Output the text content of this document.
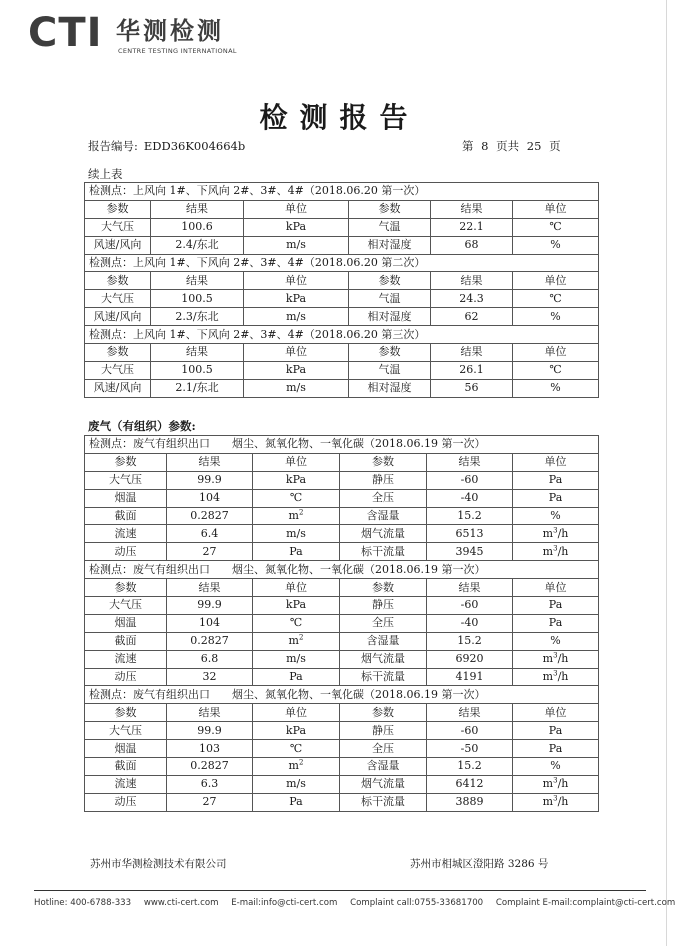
CTI 华测检测
CENTRE TESTING INTERNATIONAL
检测报告
报告编号: EDD36K004664b	第 8 页共 25 页
续上表
检测点：上风向 1#、下风向 2#、3#、4#（2018.06.20 第一次）					
参数	结果	单位	参数	结果	单位
大气压	100.6	kPa	气温	22.1	℃
风速/风向	2.4/东北	m/s	相对湿度	68	%
检测点：上风向 1#、下风向 2#、3#、4#（2018.06.20 第二次）					
参数	结果	单位	参数	结果	单位
大气压	100.5	kPa	气温	24.3	℃
风速/风向	2.3/东北	m/s	相对湿度	62	%
检测点：上风向 1#、下风向 2#、3#、4#（2018.06.20 第三次）					
参数	结果	单位	参数	结果	单位
大气压	100.5	kPa	气温	26.1	℃
风速/风向	2.1/东北	m/s	相对湿度	56	%
废气（有组织）参数:
检测点：废气有组织出口 烟尘、氮氧化物、一氧化碳（2018.06.19 第一次）					
参数	结果	单位	参数	结果	单位
大气压	99.9	kPa	静压	-60	Pa
烟温	104	℃	全压	-40	Pa
截面	0.2827	$m^2$	含湿量	15.2	%
流速	6.4	m/s	烟气流量	6513	$m^3/h$
动压	27	Pa	标干流量	3945	$m^3/h$
检测点：废气有组织出口 烟尘、氮氧化物、一氧化碳（2018.06.19 第一次）					
参数	结果	单位	参数	结果	单位
大气压	99.9	kPa	静压	-60	Pa
烟温	104	℃	全压	-40	Pa
截面	0.2827	$m^2$	含湿量	15.2	%
流速	6.8	m/s	烟气流量	6920	$m^3/h$
动压	32	Pa	标干流量	4191	$m^3/h$
检测点：废气有组织出口 烟尘、氮氧化物、一氧化碳（2018.06.19 第一次）					
参数	结果	单位	参数	结果	单位
大气压	99.9	kPa	静压	-60	Pa
烟温	103	℃	全压	-50	Pa
截面	0.2827	$m^2$	含湿量	15.2	%
流速	6.3	m/s	烟气流量	6412	$m^3/h$
动压	27	Pa	标干流量	3889	$m^3/h$
苏州市华测检测技术有限公司	苏州市相城区澄阳路 3286 号
Hotline: 400-6788-333 www.cti-cert.com E-mail:info@cti-cert.com Complaint call:0755-33681700 Complaint E-mail:complaint@cti-cert.com
